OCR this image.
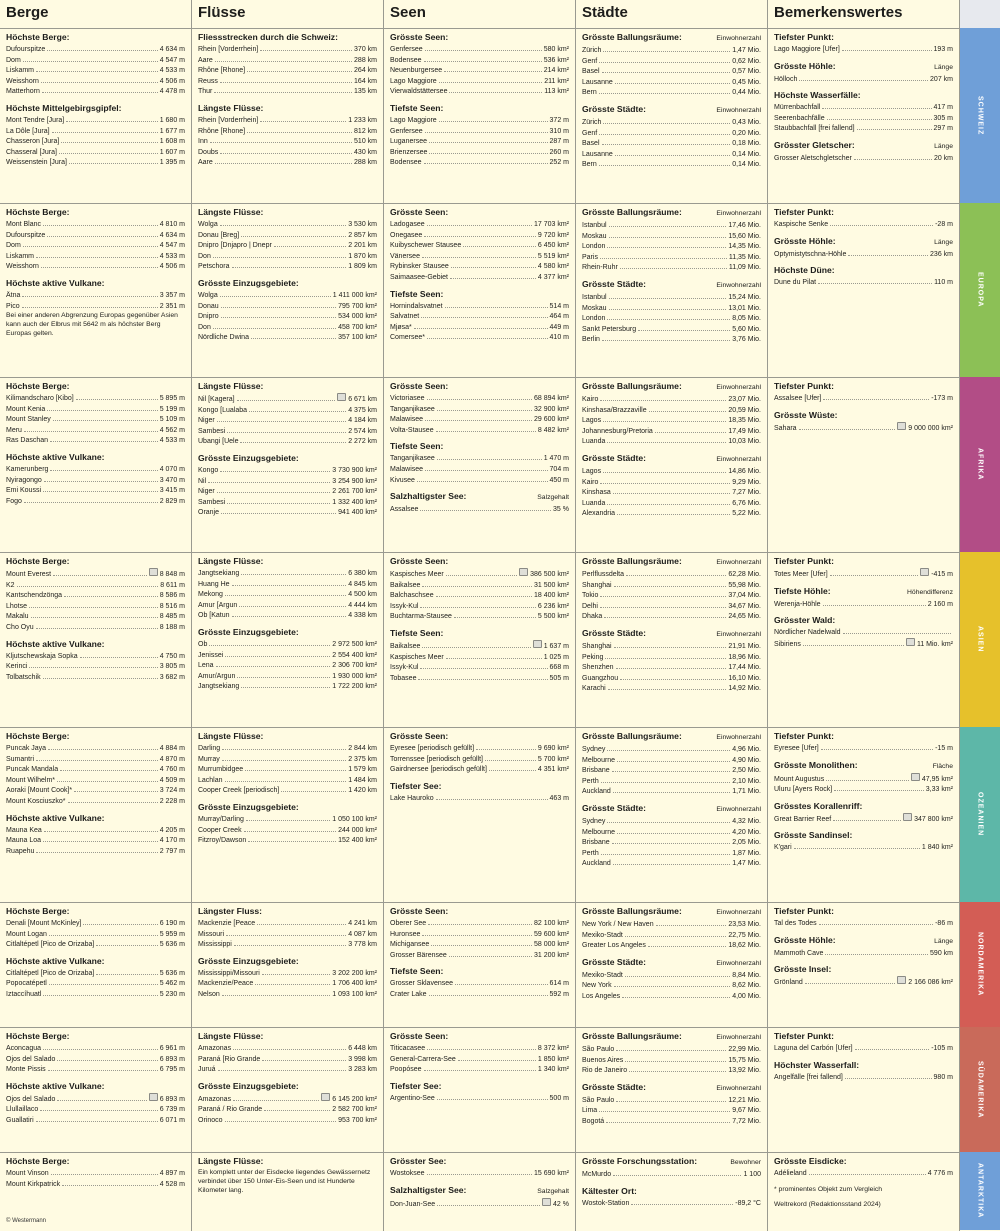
Berge	Flüsse	Seen	Städte	Bemerkenswertes
Höchste Berge:
Dufourspitze	4 634 m
Dom	4 547 m
Liskamm	4 533 m
Weisshorn	4 506 m
Matterhorn	4 478 m
Höchste Mittelgebirgsgipfel:
Mont Tendre [Jura]	1 680 m
La Dôle [Jura]	1 677 m
Chasseron [Jura]	1 608 m
Chasseral [Jura]	1 607 m
Weissenstein [Jura]	1 395 m
Fliessstrecken durch die Schweiz:
Rhein [Vorderrhein]	370 km
Aare	288 km
Rhône [Rhone]	264 km
Reuss	164 km
Thur	135 km
Längste Flüsse:
Rhein [Vorderrhein]	1 233 km
Rhône [Rhone]	812 km
Inn	510 km
Doubs	430 km
Aare	288 km
Grösste Seen:
Genfersee	580 km²
Bodensee	536 km²
Neuenburgersee	214 km²
Lago Maggiore	211 km²
Vierwaldstättersee	113 km²
Tiefste Seen:
Lago Maggiore	372 m
Genfersee	310 m
Luganersee	287 m
Brienzersee	260 m
Bodensee	252 m
Grösste Ballungsräume:	Einwohnerzahl
Zürich	1,47 Mio.
Genf	0,62 Mio.
Basel	0,57 Mio.
Lausanne	0,45 Mio.
Bern	0,44 Mio.
Grösste Städte:	Einwohnerzahl
Zürich	0,43 Mio.
Genf	0,20 Mio.
Basel	0,18 Mio.
Lausanne	0,14 Mio.
Bern	0,14 Mio.
Tiefster Punkt:
Lago Maggiore [Ufer]	193 m
Grösste Höhle:	Länge
Hölloch	207 km
Höchste Wasserfälle:
Mürrenbachfall	417 m
Seerenbachfälle	305 m
Staubbachfall [frei fallend]	297 m
Grösster Gletscher:	Länge
Grosser Aletschgletscher	20 km
Höchste Berge:
Mont Blanc	4 810 m
Dufourspitze	4 634 m
Dom	4 547 m
Liskamm	4 533 m
Weisshorn	4 506 m
Höchste aktive Vulkane:
Ätna	3 357 m
Pico	2 351 m
Bei einer anderen Abgrenzung Europas gegenüber Asien kann auch der Elbrus mit 5642 m als höchster Berg Europas gelten.
Längste Flüsse:
Wolga	3 530 km
Donau [Breg]	2 857 km
Dnipro [Dnjapro | Dnepr	2 201 km
Don	1 870 km
Petschora	1 809 km
Grösste Einzugsgebiete:
Wolga	1 411 000 km²
Donau	795 700 km²
Dnipro	534 000 km²
Don	458 700 km²
Nördliche Dwina	357 100 km²
Grösste Seen:
Ladogasee	17 703 km²
Onegasee	9 720 km²
Kuibyschewer Stausee	6 450 km²
Vänersee	5 519 km²
Rybinsker Stausee	4 580 km²
Saimaasee-Gebiet	4 377 km²
Tiefste Seen:
Hornindalsvatnet	514 m
Salvatnet	464 m
Mjøsa*	449 m
Comersee*	410 m
Grösste Ballungsräume:	Einwohnerzahl
Istanbul	17,46 Mio.
Moskau	15,60 Mio.
London	14,35 Mio.
Paris	11,35 Mio.
Rhein-Ruhr	11,09 Mio.
Grösste Städte:	Einwohnerzahl
Istanbul	15,24 Mio.
Moskau	13,01 Mio.
London	8,05 Mio.
Sankt Petersburg	5,60 Mio.
Berlin	3,76 Mio.
Tiefster Punkt:
Kaspische Senke	-28 m
Grösste Höhle:	Länge
Optymistytschna-Höhle	236 km
Höchste Düne:
Dune du Pilat	110 m
Höchste Berge:
Kilimandscharo [Kibo]	5 895 m
Mount Kenia	5 199 m
Mount Stanley	5 109 m
Meru	4 562 m
Ras Daschan	4 533 m
Höchste aktive Vulkane:
Kamerunberg	4 070 m
Nyiragongo	3 470 m
Emi Koussi	3 415 m
Fogo	2 829 m
Längste Flüsse:
Nil [Kagera]	6 671 km
Kongo [Lualaba	4 375 km
Niger	4 184 km
Sambesi	2 574 km
Ubangi [Uele	2 272 km
Grösste Einzugsgebiete:
Kongo	3 730 900 km²
Nil	3 254 900 km²
Niger	2 261 700 km²
Sambesi	1 332 400 km²
Oranje	941 400 km²
Grösste Seen:
Victoriasee	68 894 km²
Tanganjikasee	32 900 km²
Malawisee	29 600 km²
Volta-Stausee	8 482 km²
Tiefste Seen:
Tanganjikasee	1 470 m
Malawisee	704 m
Kivusee	450 m
Salzhaltigster See:	Salzgehalt
Assalsee	35 %
Grösste Ballungsräume:	Einwohnerzahl
Kairo	23,07 Mio.
Kinshasa/Brazzaville	20,59 Mio.
Lagos	18,35 Mio.
Johannesburg/Pretoria	17,49 Mio.
Luanda	10,03 Mio.
Grösste Städte:	Einwohnerzahl
Lagos	14,86 Mio.
Kairo	9,29 Mio.
Kinshasa	7,27 Mio.
Luanda	6,76 Mio.
Alexandria	5,22 Mio.
Tiefster Punkt:
Assalsee [Ufer]	-173 m
Grösste Wüste:
Sahara	9 000 000 km²
Höchste Berge:
Mount Everest	8 848 m
K2	8 611 m
Kantschendzönga	8 586 m
Lhotse	8 516 m
Makalu	8 485 m
Cho Oyu	8 188 m
Höchste aktive Vulkane:
Kljutschewskaja Sopka	4 750 m
Kerinci	3 805 m
Tolbatschik	3 682 m
Längste Flüsse:
Jangtsekiang	6 380 km
Huang He	4 845 km
Mekong	4 500 km
Amur [Argun	4 444 km
Ob [Katun	4 338 km
Grösste Einzugsgebiete:
Ob	2 972 500 km²
Jenissei	2 554 400 km²
Lena	2 306 700 km²
Amur/Argun	1 930 000 km²
Jangtsekiang	1 722 200 km²
Grösste Seen:
Kaspisches Meer	386 500 km²
Baikalsee	31 500 km²
Balchaschsee	18 400 km²
Issyk-Kul	6 236 km²
Buchtarma-Stausee	5 500 km²
Tiefste Seen:
Baikalsee	1 637 m
Kaspisches Meer	1 025 m
Issyk-Kul	668 m
Tobasee	505 m
Grösste Ballungsräume:	Einwohnerzahl
Perlflussdelta	62,28 Mio.
Shanghai	55,98 Mio.
Tokio	37,04 Mio.
Delhi	34,67 Mio.
Dhaka	24,65 Mio.
Grösste Städte:	Einwohnerzahl
Shanghai	21,91 Mio.
Peking	18,96 Mio.
Shenzhen	17,44 Mio.
Guangzhou	16,10 Mio.
Karachi	14,92 Mio.
Tiefster Punkt:
Totes Meer [Ufer]	-415 m
Tiefste Höhle:	Höhendifferenz
Werenja-Höhle	2 160 m
Grösster Wald:
Nördlicher Nadelwald
Sibiriens	11 Mio. km²
Höchste Berge:
Puncak Jaya	4 884 m
Sumantri	4 870 m
Puncak Mandala	4 760 m
Mount Wilhelm*	4 509 m
Aoraki [Mount Cook]*	3 724 m
Mount Kosciuszko*	2 228 m
Höchste aktive Vulkane:
Mauna Kea	4 205 m
Mauna Loa	4 170 m
Ruapehu	2 797 m
Längste Flüsse:
Darling	2 844 km
Murray	2 375 km
Murrumbidgee	1 579 km
Lachlan	1 484 km
Cooper Creek [periodisch]	1 420 km
Grösste Einzugsgebiete:
Murray/Darling	1 050 100 km²
Cooper Creek	244 000 km²
Fitzroy/Dawson	152 400 km²
Grösste Seen:
Eyresee [periodisch gefüllt]	9 690 km²
Torrenssee [periodisch gefüllt]	5 700 km²
Gairdnersee [periodisch gefüllt]	4 351 km²
Tiefster See:
Lake Hauroko	463 m
Grösste Ballungsräume:	Einwohnerzahl
Sydney	4,96 Mio.
Melbourne	4,90 Mio.
Brisbane	2,50 Mio.
Perth	2,10 Mio.
Auckland	1,71 Mio.
Grösste Städte:	Einwohnerzahl
Sydney	4,32 Mio.
Melbourne	4,20 Mio.
Brisbane	2,05 Mio.
Perth	1,87 Mio.
Auckland	1,47 Mio.
Tiefster Punkt:
Eyresee [Ufer]	-15 m
Grösste Monolithen:	Fläche
Mount Augustus	47,95 km²
Uluru [Ayers Rock]	3,33 km²
Grösstes Korallenriff:
Great Barrier Reef	347 800 km²
Grösste Sandinsel:
K'gari	1 840 km²
Höchste Berge:
Denali [Mount McKinley]	6 190 m
Mount Logan	5 959 m
Citlaltépetl [Pico de Orizaba]	5 636 m
Höchste aktive Vulkane:
Citlaltépetl [Pico de Orizaba]	5 636 m
Popocatépetl	5 462 m
Iztaccíhuatl	5 230 m
Längster Fluss:
Mackenzie [Peace	4 241 km
Missouri	4 087 km
Mississippi	3 778 km
Grösste Einzugsgebiete:
Mississippi/Missouri	3 202 200 km²
Mackenzie/Peace	1 706 400 km²
Nelson	1 093 100 km²
Grösste Seen:
Oberer See	82 100 km²
Huronsee	59 600 km²
Michigansee	58 000 km²
Grosser Bärensee	31 200 km²
Tiefste Seen:
Grosser Sklavensee	614 m
Crater Lake	592 m
Grösste Ballungsräume:	Einwohnerzahl
New York / New Haven	23,53 Mio.
Mexiko-Stadt	22,75 Mio.
Greater Los Angeles	18,62 Mio.
Grösste Städte:	Einwohnerzahl
Mexiko-Stadt	8,84 Mio.
New York	8,62 Mio.
Los Angeles	4,00 Mio.
Tiefster Punkt:
Tal des Todes	-86 m
Grösste Höhle:	Länge
Mammoth Cave	590 km
Grösste Insel:
Grönland	2 166 086 km²
Höchste Berge:
Aconcagua	6 961 m
Ojos del Salado	6 893 m
Monte Pissis	6 795 m
Höchste aktive Vulkane:
Ojos del Salado	6 893 m
Llullaillaco	6 739 m
Guallatiri	6 071 m
Längste Flüsse:
Amazonas	6 448 km
Paraná [Rio Grande	3 998 km
Juruá	3 283 km
Grösste Einzugsgebiete:
Amazonas	6 145 200 km²
Paraná / Rio Grande	2 582 700 km²
Orinoco	953 700 km²
Grösste Seen:
Titicacasee	8 372 km²
General-Carrera-See	1 850 km²
Poopósee	1 340 km²
Tiefster See:
Argentino-See	500 m
Grösste Ballungsräume:	Einwohnerzahl
São Paulo	22,99 Mio.
Buenos Aires	15,75 Mio.
Rio de Janeiro	13,92 Mio.
Grösste Städte:	Einwohnerzahl
São Paulo	12,21 Mio.
Lima	9,67 Mio.
Bogotá	7,72 Mio.
Tiefster Punkt:
Laguna del Carbón [Ufer]	-105 m
Höchster Wasserfall:
Angelfälle [frei fallend]	980 m
Höchste Berge:
Mount Vinson	4 897 m
Mount Kirkpatrick	4 528 m
Längste Flüsse:
Ein komplett unter der Eisdecke liegendes Gewässernetz verbindet über 150 Unter-Eis-Seen und ist Hunderte Kilometer lang.
Grösster See:
Wostoksee	15 690 km²
Salzhaltigster See:	Salzgehalt
Don-Juan-See	42 %
Grösste Forschungsstation:	Bewohner
McMurdo	1 100
Kältester Ort:
Wostok-Station	-89,2 °C
Grösste Eisdicke:
Adélieland	4 776 m
* prominentes Objekt zum Vergleich
Weltrekord (Redaktionsstand 2024)
© Westermann
SCHWEIZ
EUROPA
AFRIKA
ASIEN
OZEANIEN
NORDAMERIKA
SÜDAMERIKA
ANTARKTIKA
